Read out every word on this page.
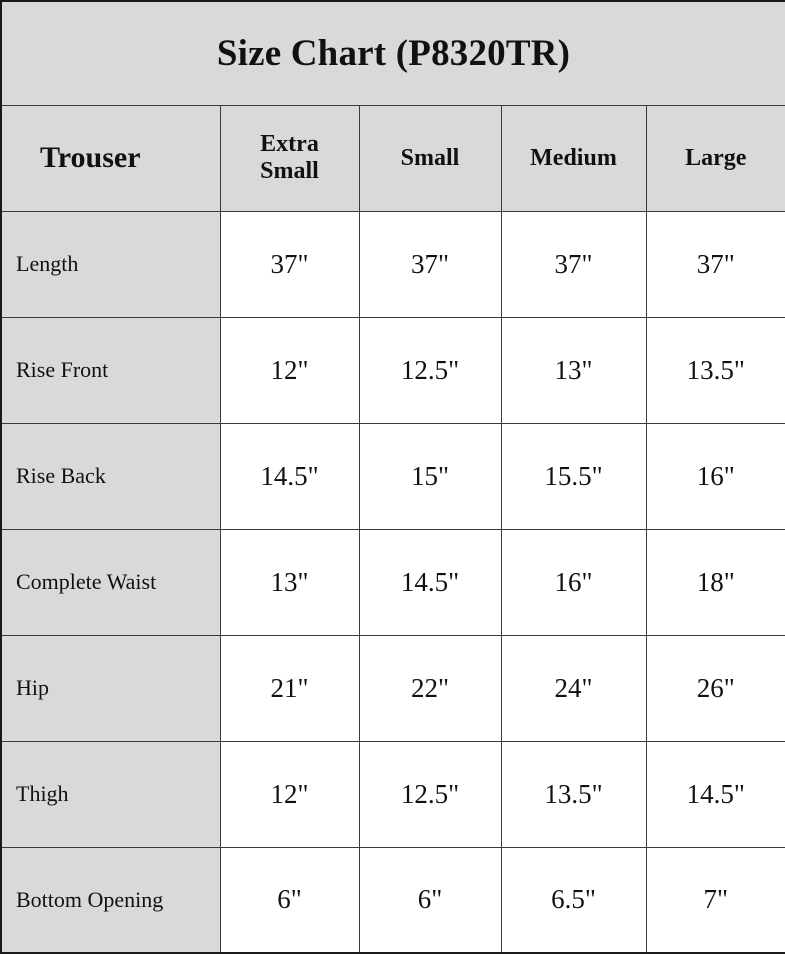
Size Chart (P8320TR)				
Trouser	Extra Small	Small	Medium	Large
Length	37"	37"	37"	37"
Rise Front	12"	12.5"	13"	13.5"
Rise Back	14.5"	15"	15.5"	16"
Complete Waist	13"	14.5"	16"	18"
Hip	21"	22"	24"	26"
Thigh	12"	12.5"	13.5"	14.5"
Bottom Opening	6"	6"	6.5"	7"
